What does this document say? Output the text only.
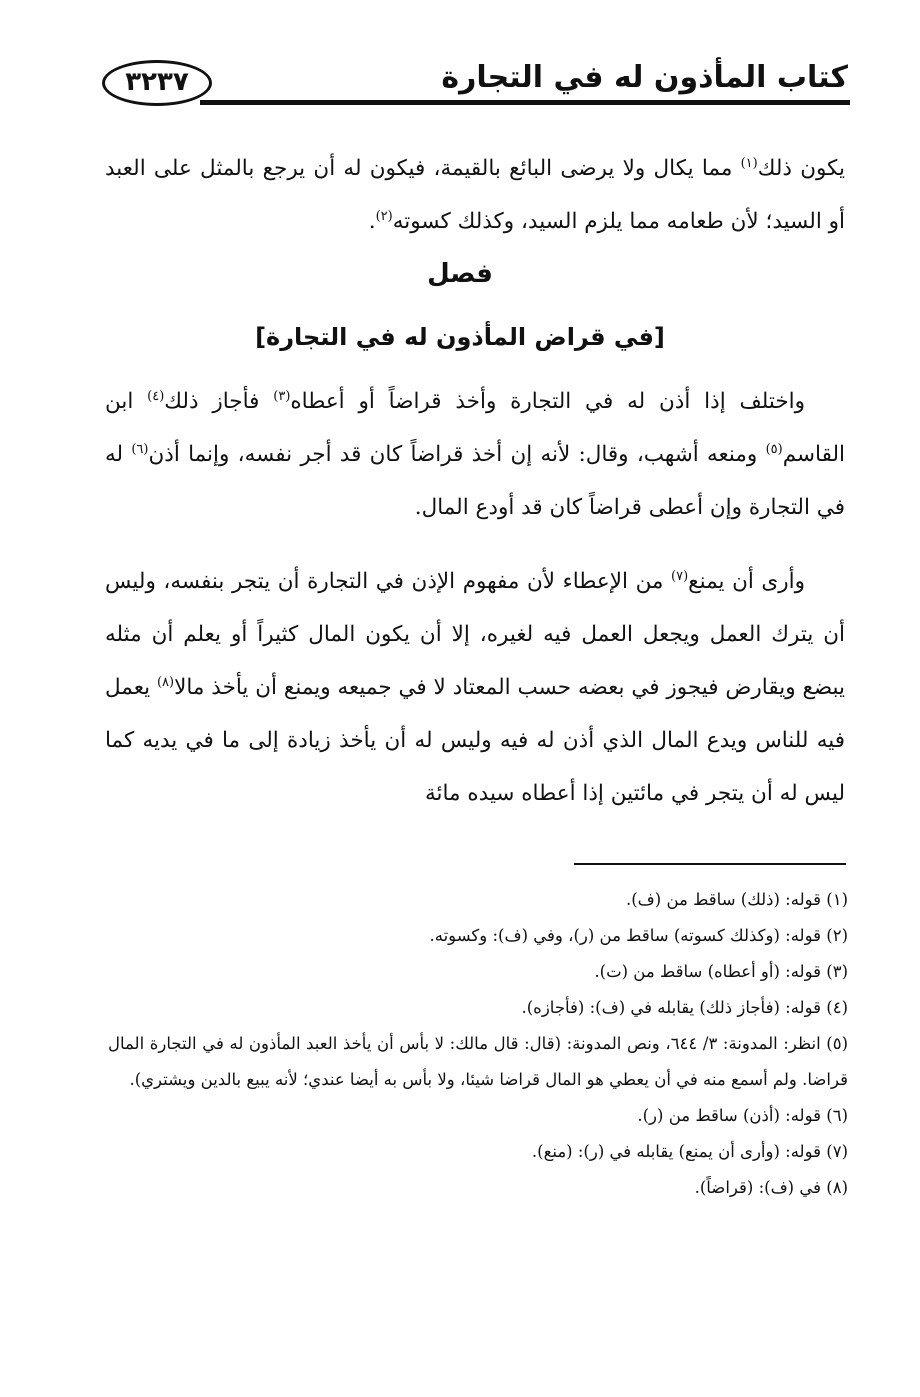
كتاب المأذون له في التجارة
٣٢٣٧
يكون ذلك$^{(١)}$ مما يكال ولا يرضى البائع بالقيمة، فيكون له أن يرجع بالمثل على العبد أو السيد؛ لأن طعامه مما يلزم السيد، وكذلك كسوته$^{(٢)}$.
فصل
[في قراض المأذون له في التجارة]
واختلف إذا أذن له في التجارة وأخذ قراضاً أو أعطاه$^{(٣)}$ فأجاز ذلك$^{(٤)}$ ابن القاسم$^{(٥)}$ ومنعه أشهب، وقال: لأنه إن أخذ قراضاً كان قد أجر نفسه، وإنما أذن$^{(٦)}$ له في التجارة وإن أعطى قراضاً كان قد أودع المال.
وأرى أن يمنع$^{(٧)}$ من الإعطاء لأن مفهوم الإذن في التجارة أن يتجر بنفسه، وليس أن يترك العمل ويجعل العمل فيه لغيره، إلا أن يكون المال كثيراً أو يعلم أن مثله يبضع ويقارض فيجوز في بعضه حسب المعتاد لا في جميعه ويمنع أن يأخذ مالا$^{(٨)}$ يعمل فيه للناس ويدع المال الذي أذن له فيه وليس له أن يأخذ زيادة إلى ما في يديه كما ليس له أن يتجر في مائتين إذا أعطاه سيده مائة

(١) قوله: (ذلك) ساقط من (ف).

(٢) قوله: (وكذلك كسوته) ساقط من (ر)، وفي (ف): وكسوته.

(٣) قوله: (أو أعطاه) ساقط من (ت).

(٤) قوله: (فأجاز ذلك) يقابله في (ف): (فأجازه).

(٥) انظر: المدونة: ٣/ ٦٤٤، ونص المدونة: (قال: قال مالك: لا بأس أن يأخذ العبد المأذون له في التجارة المال قراضا. ولم أسمع منه في أن يعطي هو المال قراضا شيئا، ولا بأس به أيضا عندي؛ لأنه يبيع بالدين ويشتري).

(٦) قوله: (أذن) ساقط من (ر).

(٧) قوله: (وأرى أن يمنع) يقابله في (ر): (منع).

(٨) في (ف): (قراضاً).
